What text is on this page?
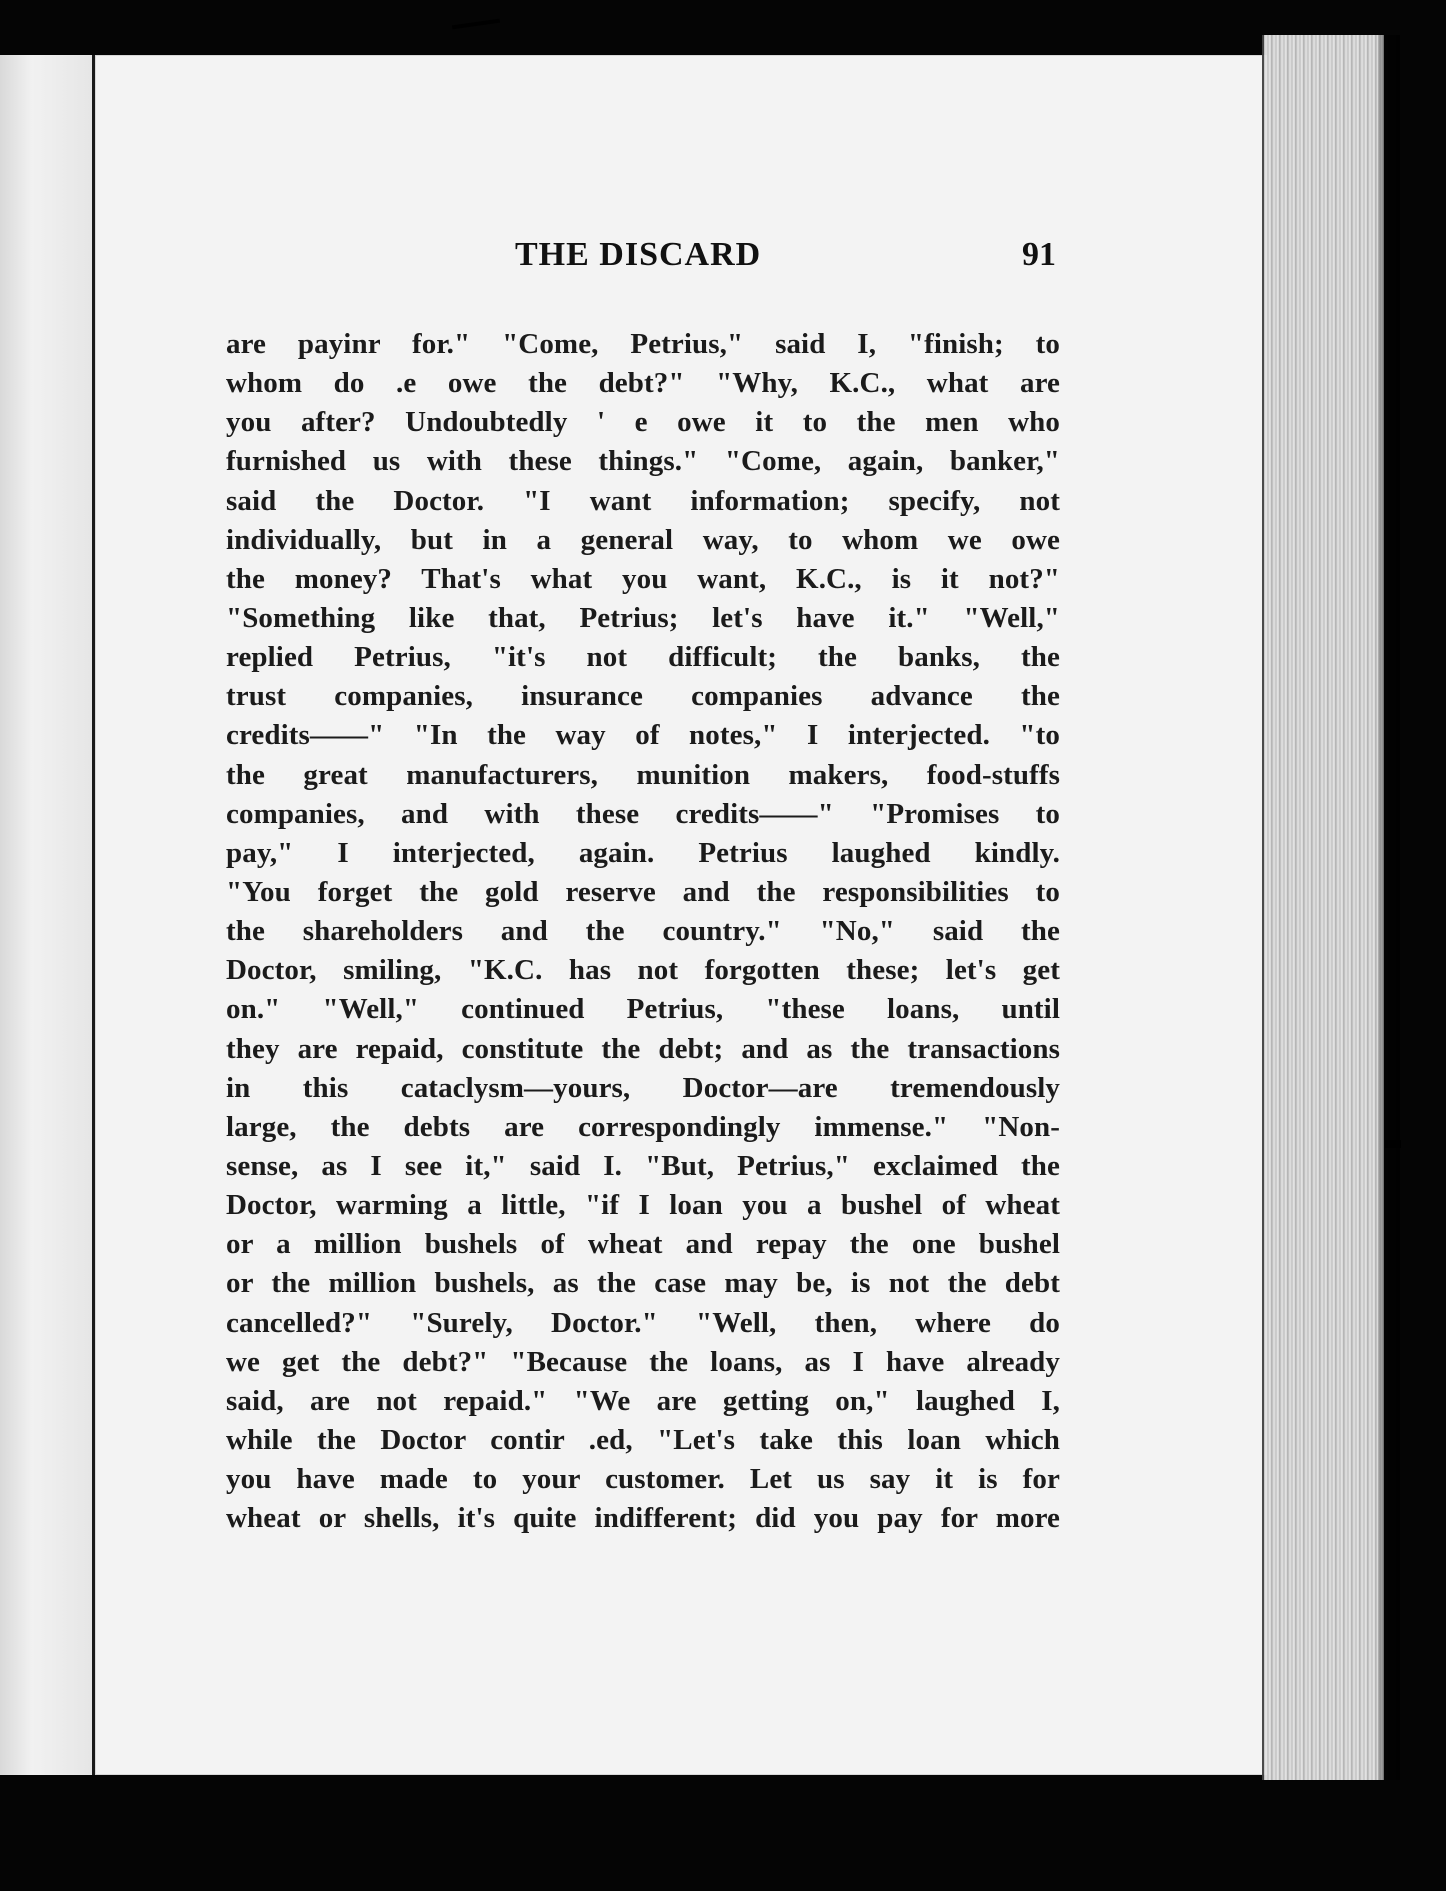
THE DISCARD	91
are payinr for." "Come, Petrius," said I, "finish; to
whom do .e owe the debt?" "Why, K.C., what are
you after? Undoubtedly ' e owe it to the men who
furnished us with these things." "Come, again, banker,"
said the Doctor. "I want information; specify, not
individually, but in a general way, to whom we owe
the money? That's what you want, K.C., is it not?"
"Something like that, Petrius; let's have it." "Well,"
replied Petrius, "it's not difficult; the banks, the
trust companies, insurance companies advance the
credits——" "In the way of notes," I interjected. "to
the great manufacturers, munition makers, food-stuffs
companies, and with these credits——" "Promises to
pay," I interjected, again. Petrius laughed kindly.
"You forget the gold reserve and the responsibilities to
the shareholders and the country." "No," said the
Doctor, smiling, "K.C. has not forgotten these; let's get
on." "Well," continued Petrius, "these loans, until
they are repaid, constitute the debt; and as the transactions
in this cataclysm—yours, Doctor—are tremendously
large, the debts are correspondingly immense." "Non-
sense, as I see it," said I. "But, Petrius," exclaimed the
Doctor, warming a little, "if I loan you a bushel of wheat
or a million bushels of wheat and repay the one bushel
or the million bushels, as the case may be, is not the debt
cancelled?" "Surely, Doctor." "Well, then, where do
we get the debt?" "Because the loans, as I have already
said, are not repaid." "We are getting on," laughed I,
while the Doctor contir .ed, "Let's take this loan which
you have made to your customer. Let us say it is for
wheat or shells, it's quite indifferent; did you pay for more
